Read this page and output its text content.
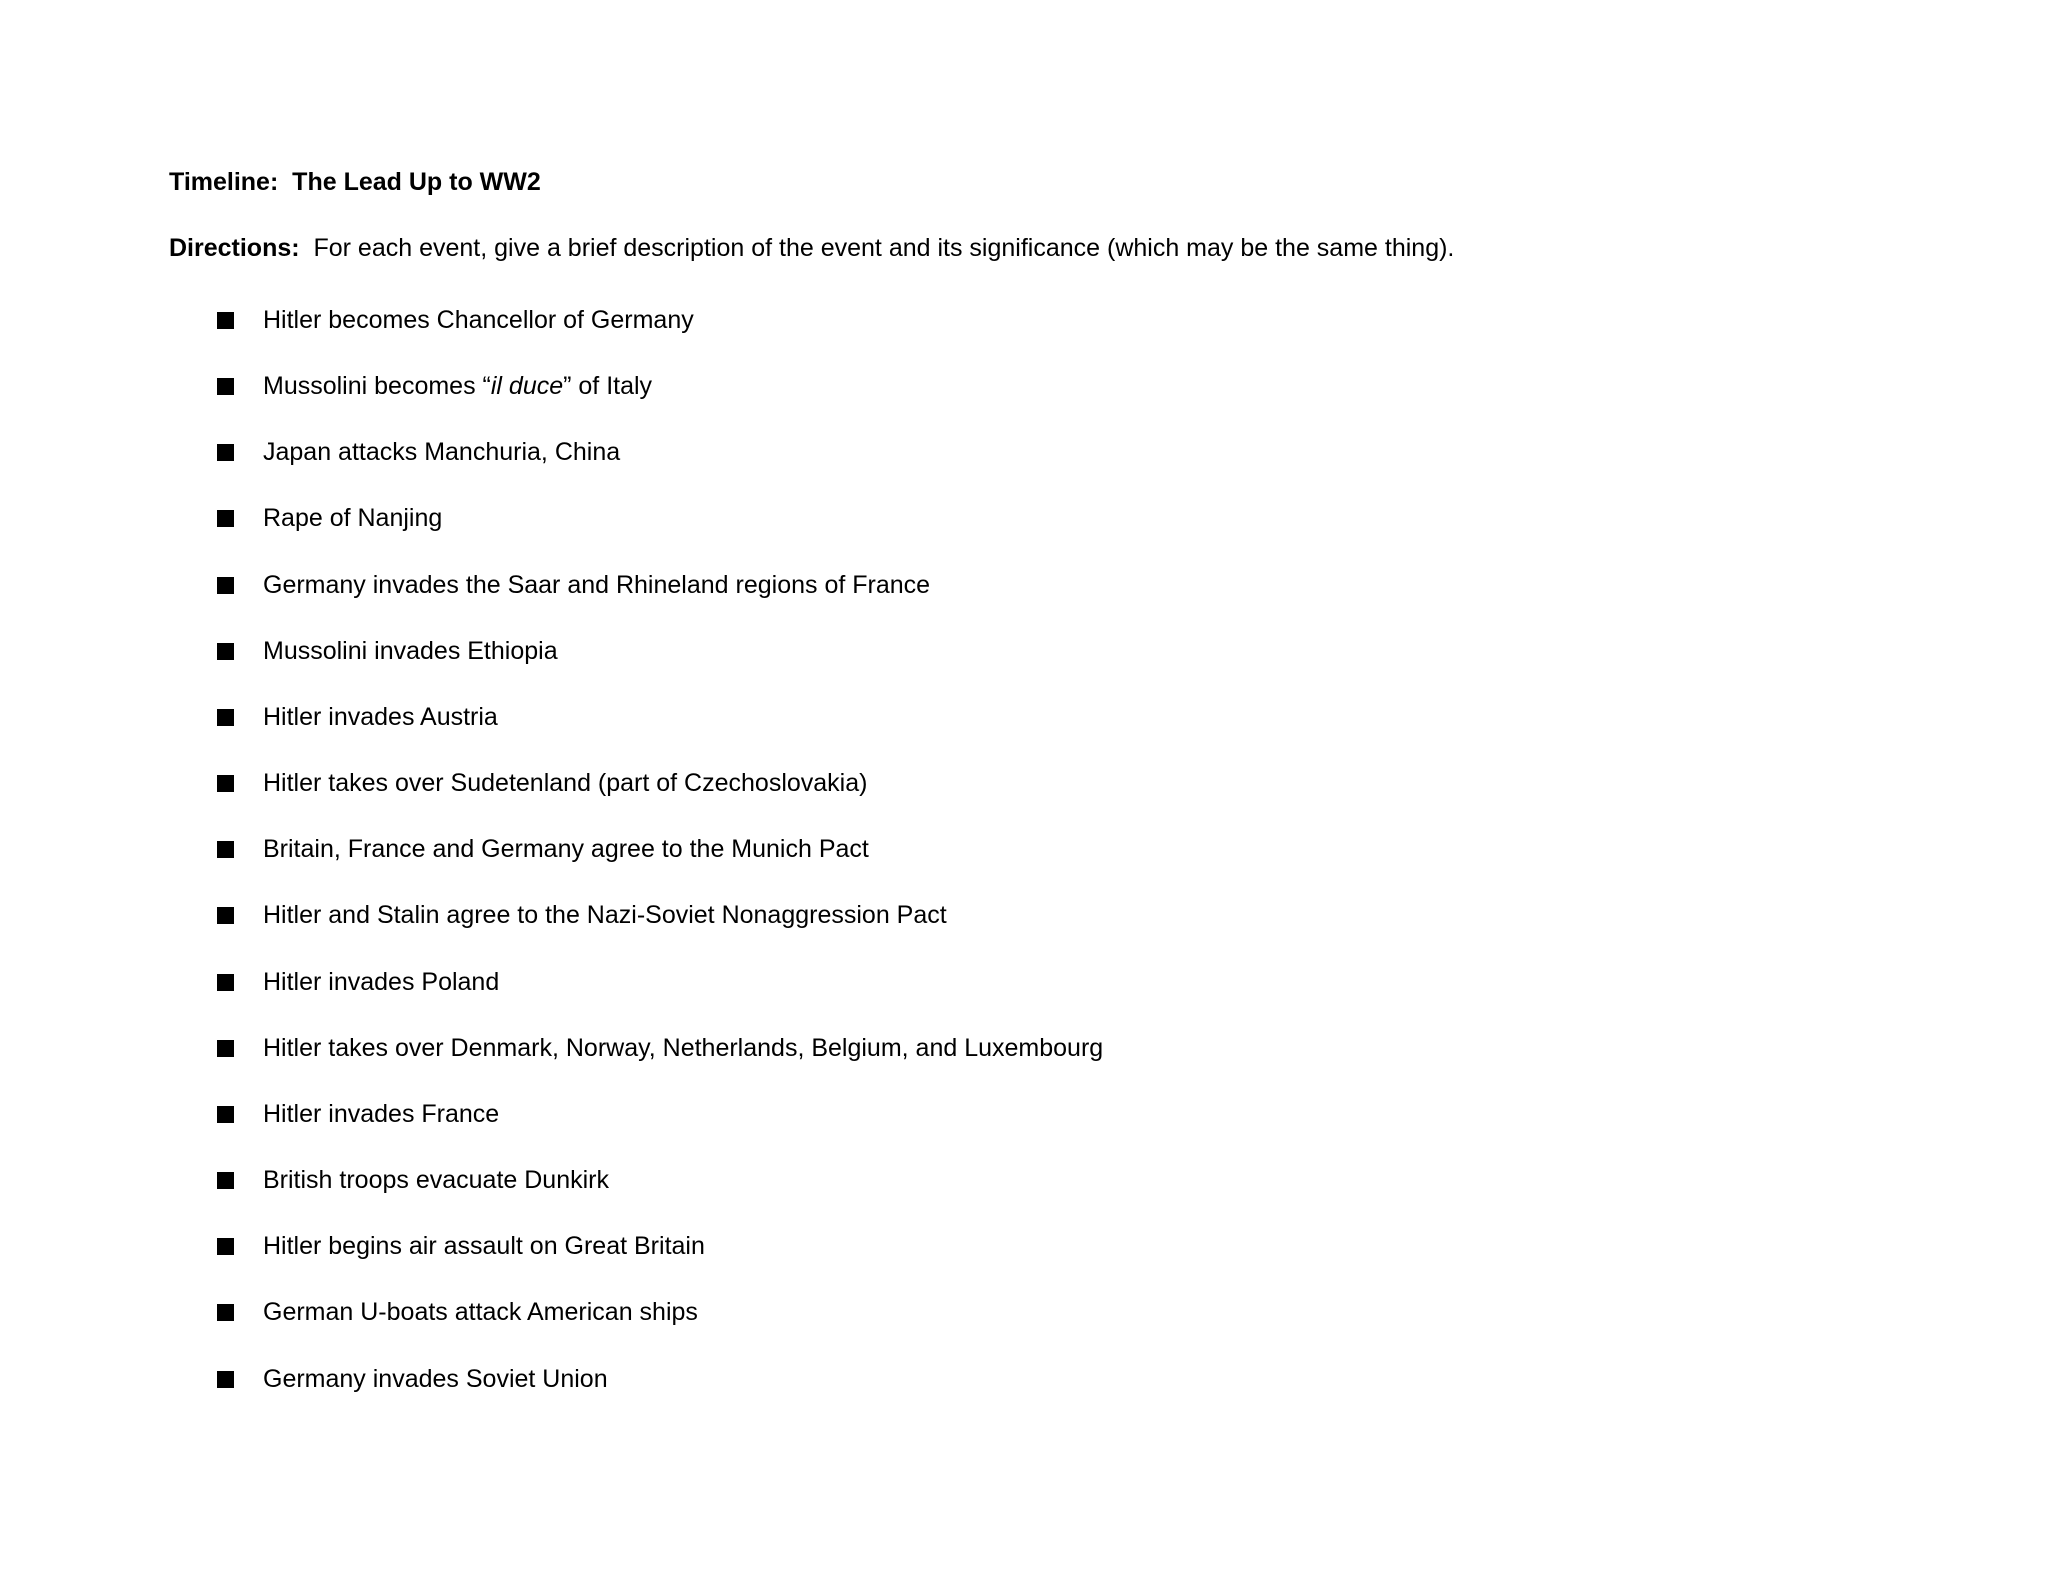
Timeline:  The Lead Up to WW2
Directions:  For each event, give a brief description of the event and its significance (which may be the same thing).
Hitler becomes Chancellor of Germany
Mussolini becomes “il duce” of Italy
Japan attacks Manchuria, China
Rape of Nanjing
Germany invades the Saar and Rhineland regions of France
Mussolini invades Ethiopia
Hitler invades Austria
Hitler takes over Sudetenland (part of Czechoslovakia)
Britain, France and Germany agree to the Munich Pact
Hitler and Stalin agree to the Nazi-Soviet Nonaggression Pact
Hitler invades Poland
Hitler takes over Denmark, Norway, Netherlands, Belgium, and Luxembourg
Hitler invades France
British troops evacuate Dunkirk
Hitler begins air assault on Great Britain
German U-boats attack American ships
Germany invades Soviet Union
